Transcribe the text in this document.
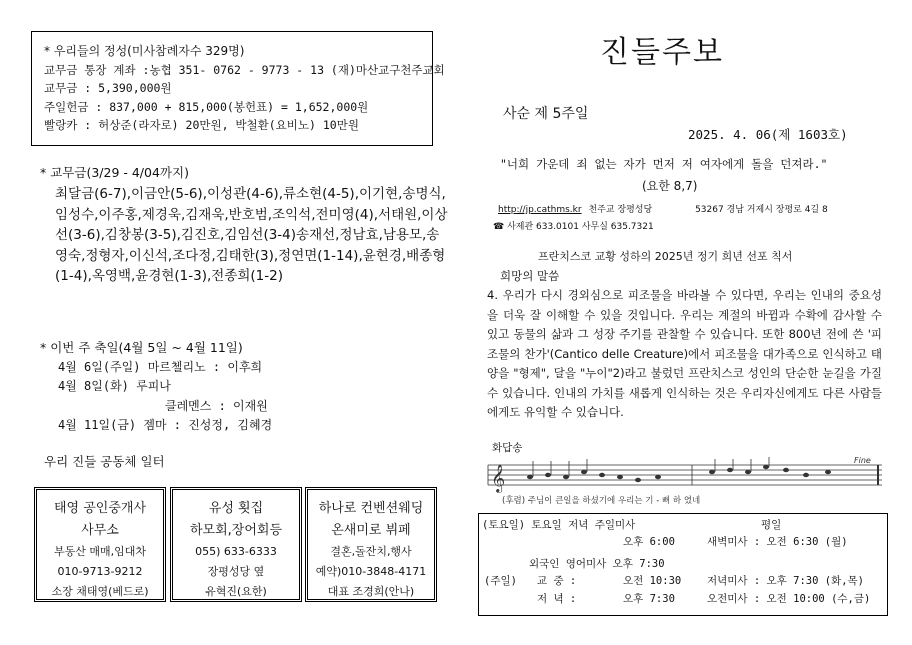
* 우리들의 정성(미사참례자수 329명)
교무금 통장 계좌 :농협 351- 0762 - 9773 - 13 (재)마산교구천주교회
교무금 : 5,390,000원
주일헌금 : 837,000 + 815,000(봉헌표) = 1,652,000원
빨랑카 : 허상준(라자로) 20만원, 박철환(요비노) 10만원
* 교무금(3/29 - 4/04까지)
최달금(6-7),이금안(5-6),이성관(4-6),류소현(4-5),이기현,송명식,임성수,이주홍,제경욱,김재욱,반호범,조익석,전미영(4),서태원,이상선(3-6),김창봉(3-5),김진호,김임선(3-4)송재선,정남효,남용모,송영숙,정형자,이신석,조다정,김태한(3),정연면(1-14),윤현경,배종형(1-4),옥영백,윤경현(1-3),전종희(1-2)
* 이번 주 축일(4월 5일 ~ 4월 11일)
4월 6일(주일) 마르첼리노 : 이후희
4월 8일(화) 루피나
클레멘스 : 이재원
4월 11일(금) 젬마 : 진성정, 김혜경
우리 진들 공동체 일터
태영 공인중개사
사무소
부동산 매매,임대차
010-9713-9212
소장 채태영(베드로)
유성 횟집
하모회,장어회등
055) 633-6333
장평성당 옆
유혁진(요한)
하나로 컨벤션웨딩
온새미로 뷔페
결혼,돌잔치,행사
예약)010-3848-4171
대표 조경희(안나)
진들주보
사순 제 5주일
2025. 4. 06(제 1603호)
"너희 가운데 죄 없는 자가 먼저 저 여자에게 돌을 던져라."
(요한 8,7)
http://jp.cathms.kr 천주교 장평성당	53267 경남 거제시 장평로 4길 8
☎ 사제관 633.0101 사무실 635.7321
프란치스코 교황 성하의 2025년 정기 희년 선포 칙서
희망의 말씀
4. 우리가 다시 경외심으로 피조물을 바라볼 수 있다면, 우리는 인내의 중요성을 더욱 잘 이해할 수 있을 것입니다. 우리는 계절의 바뀜과 수확에 감사할 수 있고 동물의 삶과 그 성장 주기를 관찰할 수 있습니다. 또한 800년 전에 쓴 '피조물의 찬가'(Cantico delle Creature)에서 피조물을 대가족으로 인식하고 태양을 "형제", 달을 "누이"2)라고 불렀던 프란치스코 성인의 단순한 눈길을 가질 수 있습니다. 인내의 가치를 새롭게 인식하는 것은 우리자신에게도 다른 사람들에게도 유익할 수 있습니다.
화답송
𝄞
Fine
(후렴) 주님이 큰일을 하셨기에 우리는 기 - 뻐 하 였네
(토요일) 토요일 저녁 주일미사	평일
오후 6:00	새벽미사 : 오전 6:30 (월)
외국인 영어미사 오후 7:30
(주일) 교 중 :	오전 10:30 저녁미사 : 오후 7:30 (화,목)
저 녁 :	오후 7:30	오전미사 : 오전 10:00 (수,금)
